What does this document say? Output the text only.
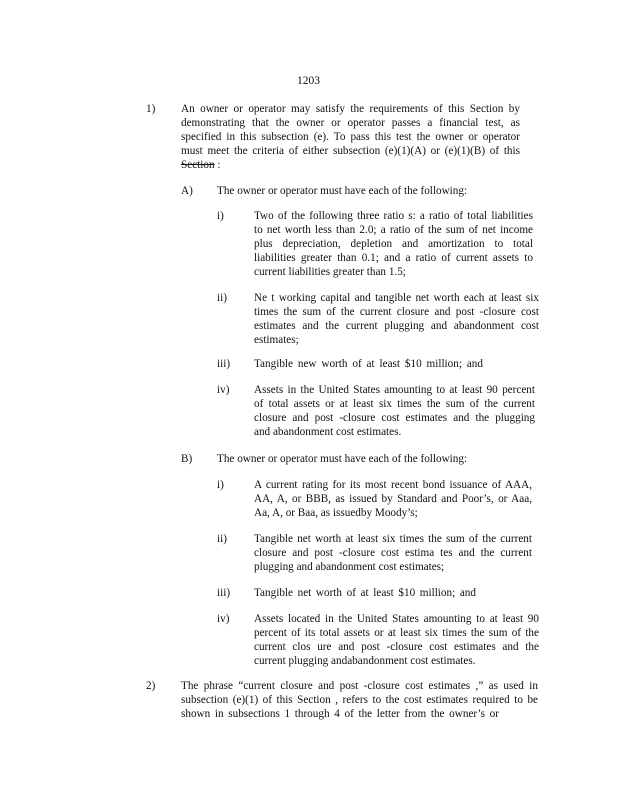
1203
1) An owner or operator may satisfy the requirements of this Section by
demonstrating that the owner or operator passes a financial test, as
specified in this subsection (e). To pass this test the owner or operator
must meet the criteria of either subsection (e)(1)(A) or (e)(1)(B) of this
Section :
A) The owner or operator must have each of the following:
i)	Two of the following three ratio s: a ratio of total liabilities
to net worth less than 2.0; a ratio of the sum of net income
plus depreciation, depletion and amortization to total
liabilities greater than 0.1; and a ratio of current assets to
current liabilities greater than 1.5;
ii) Ne t working capital and tangible net worth each at least six
times the sum of the current closure and post -closure cost
estimates and the current plugging and abandonment cost
estimates;
iii) Tangible new worth of at least $10 million; and
iv) Assets in the United States amounting to at least 90 percent
of total assets or at least six times the sum of the current
closure and post -closure cost estimates and the plugging
and abandonment cost estimates.
B) The owner or operator must have each of the following:
i)	A current rating for its most recent bond issuance of AAA,
AA, A, or BBB, as issued by Standard and Poor’s, or Aaa,
Aa, A, or Baa, as issuedby Moody’s;
ii) Tangible net worth at least six times the sum of the current
closure and post -closure cost estima tes and the current
plugging and abandonment cost estimates;
iii) Tangible net worth of at least $10 million; and
iv) Assets located in the United States amounting to at least 90
percent of its total assets or at least six times the sum of the
current clos ure and post -closure cost estimates and the
current plugging andabandonment cost estimates.
2) The phrase “current closure and post -closure cost estimates ,” as used in
subsection (e)(1) of this Section , refers to the cost estimates required to be
shown in subsections 1 through 4 of the letter from the owner’s or
